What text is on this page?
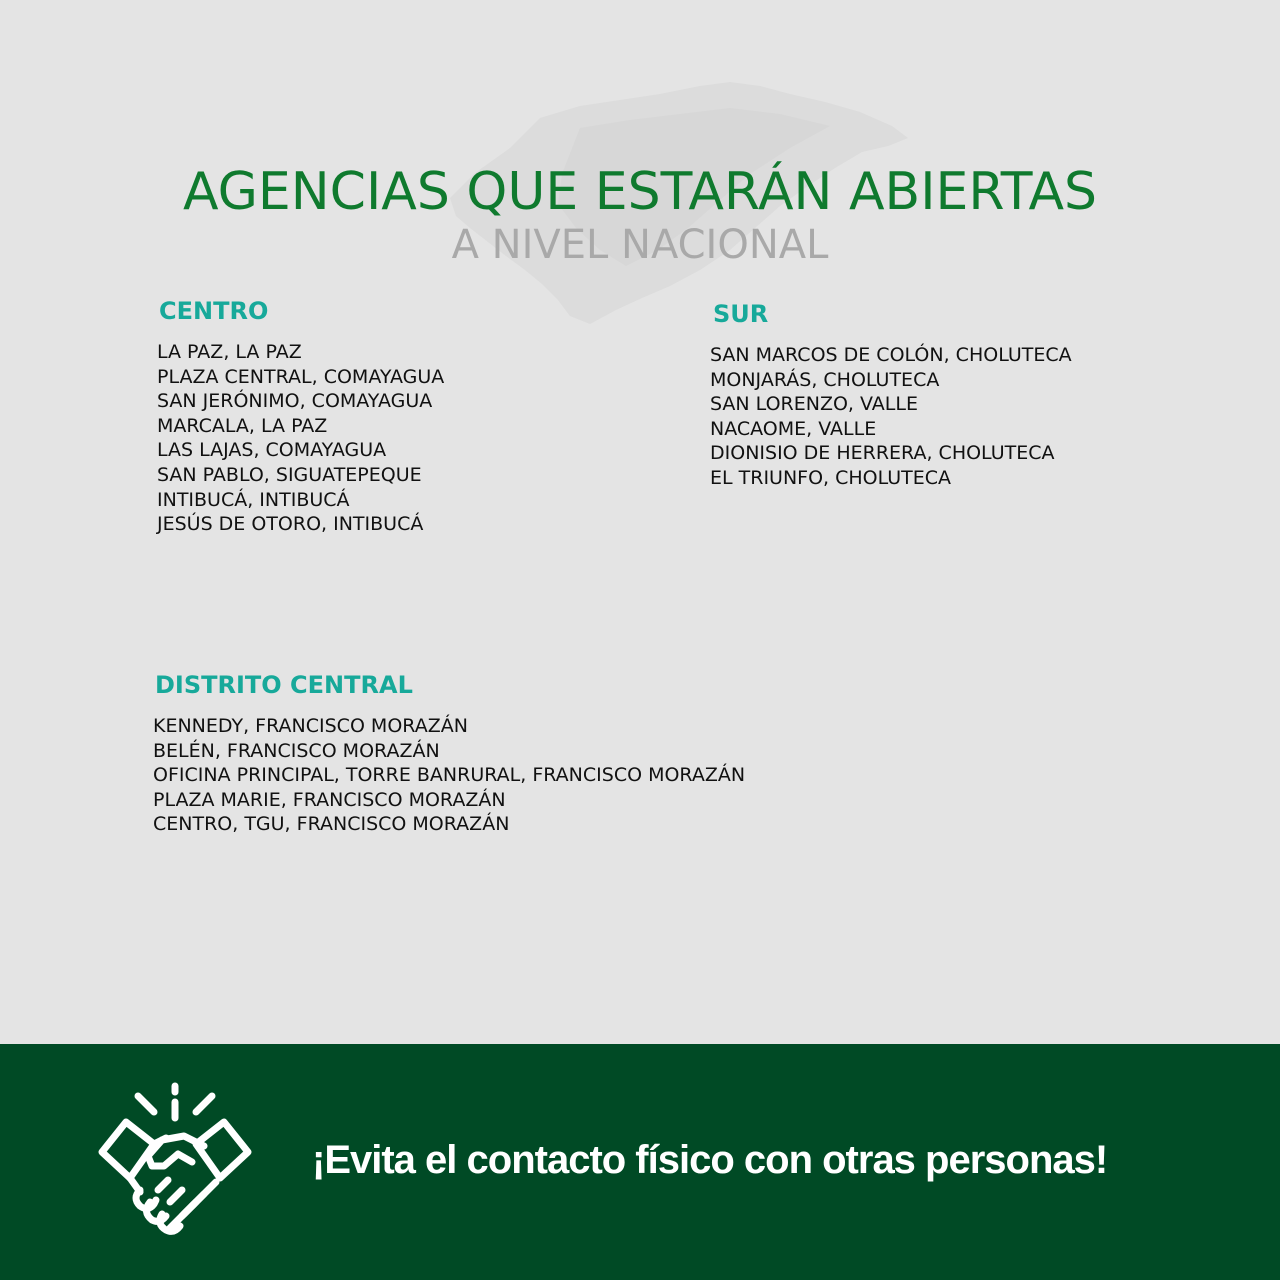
AGENCIAS QUE ESTARÁN ABIERTAS
A NIVEL NACIONAL
CENTRO
LA PAZ, LA PAZ
PLAZA CENTRAL, COMAYAGUA
SAN JERÓNIMO, COMAYAGUA
MARCALA, LA PAZ
LAS LAJAS, COMAYAGUA
SAN PABLO, SIGUATEPEQUE
INTIBUCÁ, INTIBUCÁ
JESÚS DE OTORO, INTIBUCÁ
SUR
SAN MARCOS DE COLÓN, CHOLUTECA
MONJARÁS, CHOLUTECA
SAN LORENZO, VALLE
NACAOME, VALLE
DIONISIO DE HERRERA, CHOLUTECA
EL TRIUNFO, CHOLUTECA
DISTRITO CENTRAL
KENNEDY, FRANCISCO MORAZÁN
BELÉN, FRANCISCO MORAZÁN
OFICINA PRINCIPAL, TORRE BANRURAL, FRANCISCO MORAZÁN
PLAZA MARIE, FRANCISCO MORAZÁN
CENTRO, TGU, FRANCISCO MORAZÁN

¡Evita el contacto físico con otras personas!
